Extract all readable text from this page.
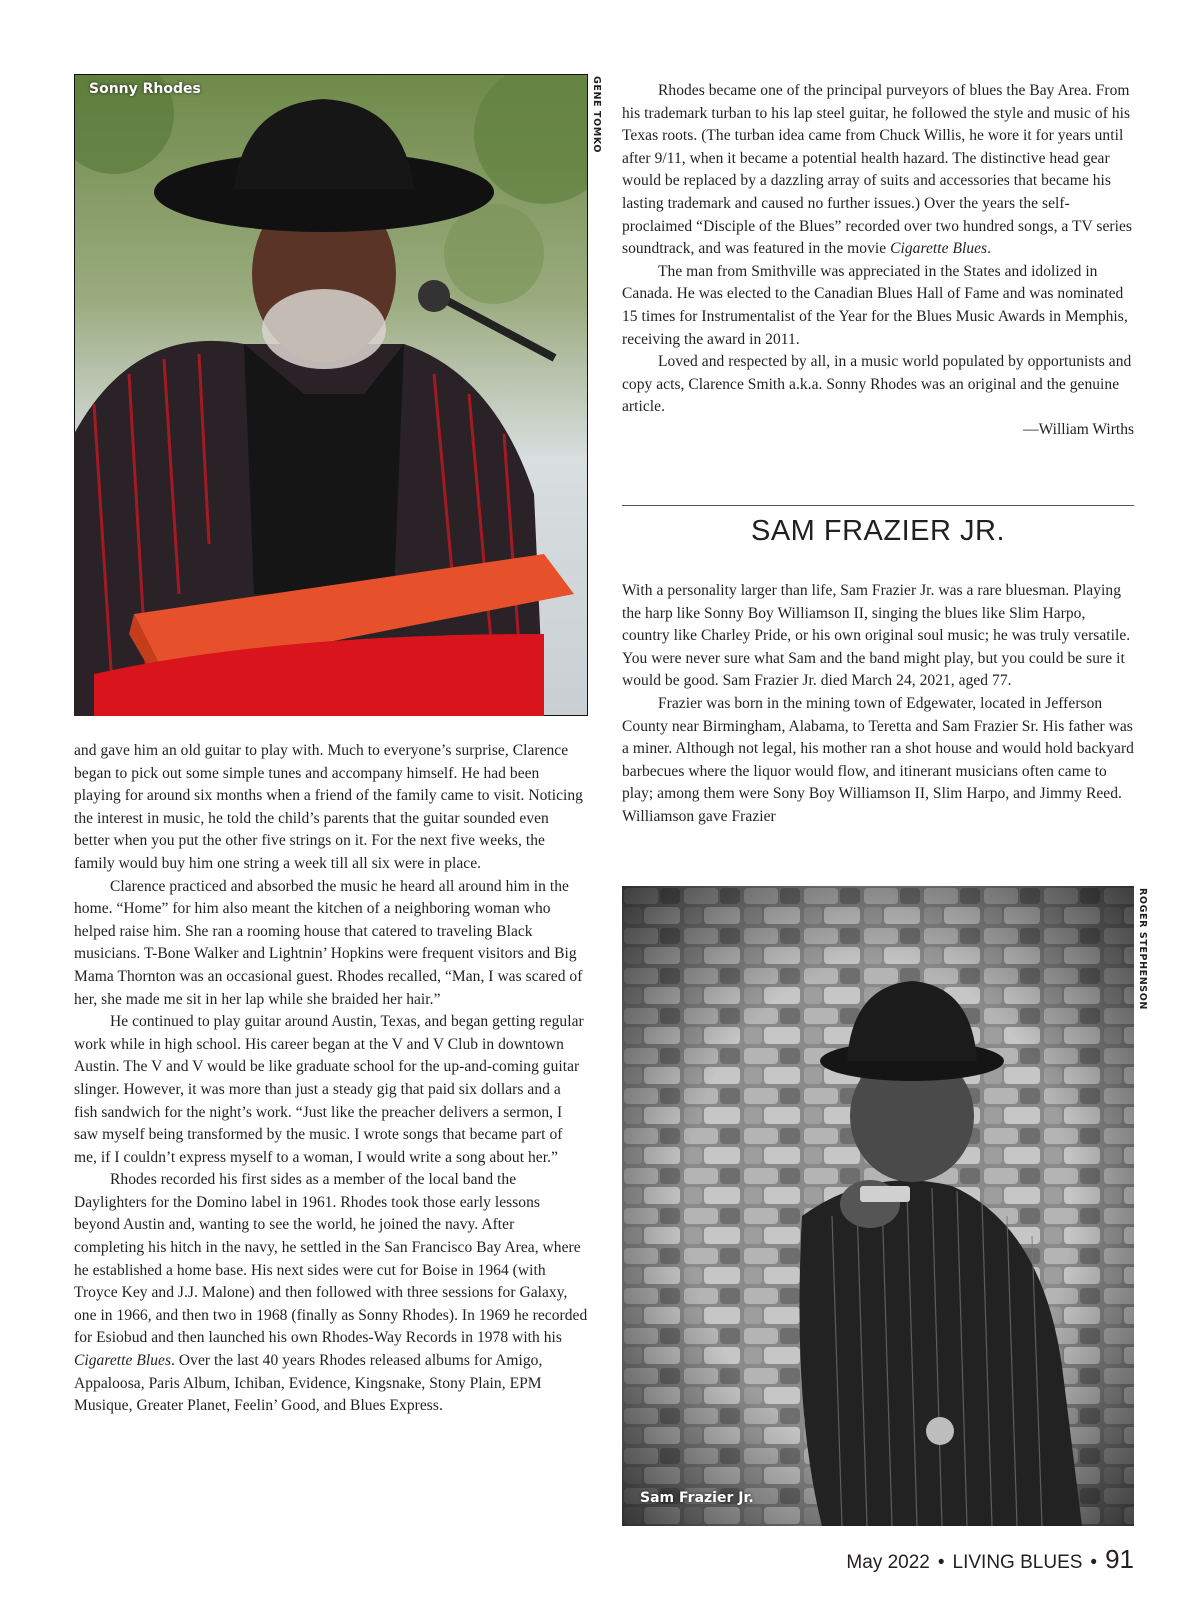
Sonny Rhodes	GENE TOMKO

and gave him an old guitar to play with. Much to everyone’s surprise, Clarence began to pick out some simple tunes and accompany himself. He had been playing for around six months when a friend of the family came to visit. Noticing the interest in music, he told the child’s parents that the guitar sounded even better when you put the other five strings on it. For the next five weeks, the family would buy him one string a week till all six were in place.

Clarence practiced and absorbed the music he heard all around him in the home. “Home” for him also meant the kitchen of a neighboring woman who helped raise him. She ran a rooming house that catered to traveling Black musicians. T-Bone Walker and Lightnin’ Hopkins were frequent visitors and Big Mama Thornton was an occasional guest. Rhodes recalled, “Man, I was scared of her, she made me sit in her lap while she braided her hair.”

He continued to play guitar around Austin, Texas, and began getting regular work while in high school. His career began at the V and V Club in downtown Austin. The V and V would be like graduate school for the up-and-coming guitar slinger. However, it was more than just a steady gig that paid six dollars and a fish sandwich for the night’s work. “Just like the preacher delivers a sermon, I saw myself being transformed by the music. I wrote songs that became part of me, if I couldn’t express myself to a woman, I would write a song about her.”

Rhodes recorded his first sides as a member of the local band the Daylighters for the Domino label in 1961. Rhodes took those early lessons beyond Austin and, wanting to see the world, he joined the navy. After completing his hitch in the navy, he settled in the San Francisco Bay Area, where he established a home base. His next sides were cut for Boise in 1964 (with Troyce Key and J.J. Malone) and then followed with three sessions for Galaxy, one in 1966, and then two in 1968 (finally as Sonny Rhodes). In 1969 he recorded for Esiobud and then launched his own Rhodes-Way Records in 1978 with his Cigarette Blues. Over the last 40 years Rhodes released albums for Amigo, Appaloosa, Paris Album, Ichiban, Evidence, Kingsnake, Stony Plain, EPM Musique, Greater Planet, Feelin’ Good, and Blues Express.

Rhodes became one of the principal purveyors of blues the Bay Area. From his trademark turban to his lap steel guitar, he followed the style and music of his Texas roots. (The turban idea came from Chuck Willis, he wore it for years until after 9/11, when it became a potential health hazard. The distinctive head gear would be replaced by a dazzling array of suits and accessories that became his lasting trademark and caused no further issues.) Over the years the self-proclaimed “Disciple of the Blues” recorded over two hundred songs, a TV series soundtrack, and was featured in the movie Cigarette Blues.

The man from Smithville was appreciated in the States and idolized in Canada. He was elected to the Canadian Blues Hall of Fame and was nominated 15 times for Instrumentalist of the Year for the Blues Music Awards in Memphis, receiving the award in 2011.

Loved and respected by all, in a music world populated by opportunists and copy acts, Clarence Smith a.k.a. Sonny Rhodes was an original and the genuine article.

—William Wirths

SAM FRAZIER JR.

With a personality larger than life, Sam Frazier Jr. was a rare bluesman. Playing the harp like Sonny Boy Williamson II, singing the blues like Slim Harpo, country like Charley Pride, or his own original soul music; he was truly versatile. You were never sure what Sam and the band might play, but you could be sure it would be good. Sam Frazier Jr. died March 24, 2021, aged 77.

Frazier was born in the mining town of Edgewater, located in Jefferson County near Birmingham, Alabama, to Teretta and Sam Frazier Sr. His father was a miner. Although not legal, his mother ran a shot house and would hold backyard barbecues where the liquor would flow, and itinerant musicians often came to play; among them were Sony Boy Williamson II, Slim Harpo, and Jimmy Reed. Williamson gave Frazier

Sam Frazier Jr.
ROGER STEPHENSON
May 2022 • LIVING BLUES • 91
